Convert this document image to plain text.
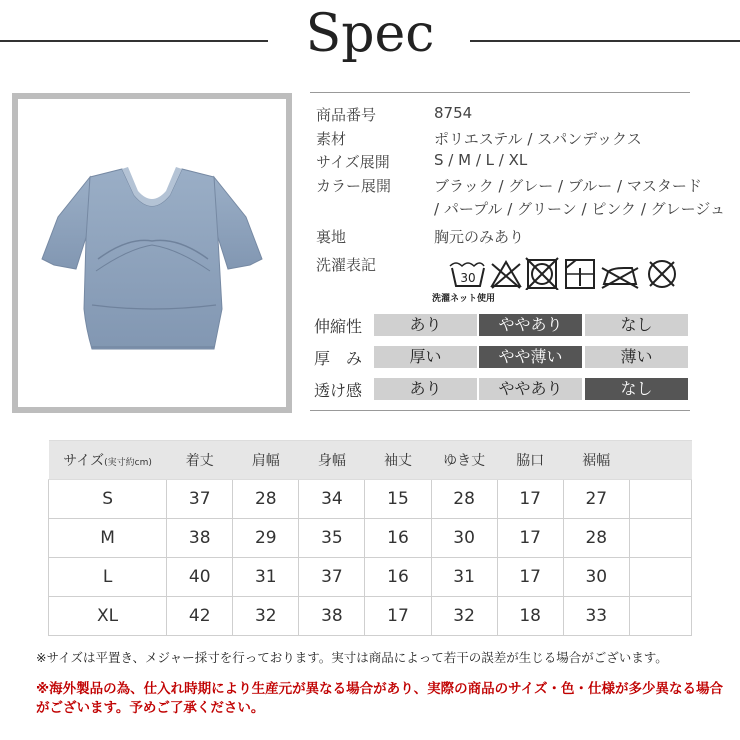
Spec
商品番号	8754
素材	ポリエステル / スパンデックス
サイズ展開	S / M / L / XL
カラー展開	ブラック / グレー / ブルー / マスタード
/ パープル / グリーン / ピンク / グレージュ
裏地	胸元のみあり
洗濯表記
30
洗濯ネット使用
伸縮性	あり	ややあり	なし
厚　み	厚い	やや薄い	薄い
透け感	あり	ややあり	なし
サイズ(実寸約cm)	着丈	肩幅	身幅	袖丈	ゆき丈	脇口	裾幅	
S	37	28	34	15	28	17	27	
M	38	29	35	16	30	17	28	
L	40	31	37	16	31	17	30	
XL	42	32	38	17	32	18	33	
※サイズは平置き、メジャー採寸を行っております。実寸は商品によって若干の誤差が生じる場合がございます。
※海外製品の為、仕入れ時期により生産元が異なる場合があり、実際の商品のサイズ・色・仕様が多少異なる場合がございます。予めご了承ください。
